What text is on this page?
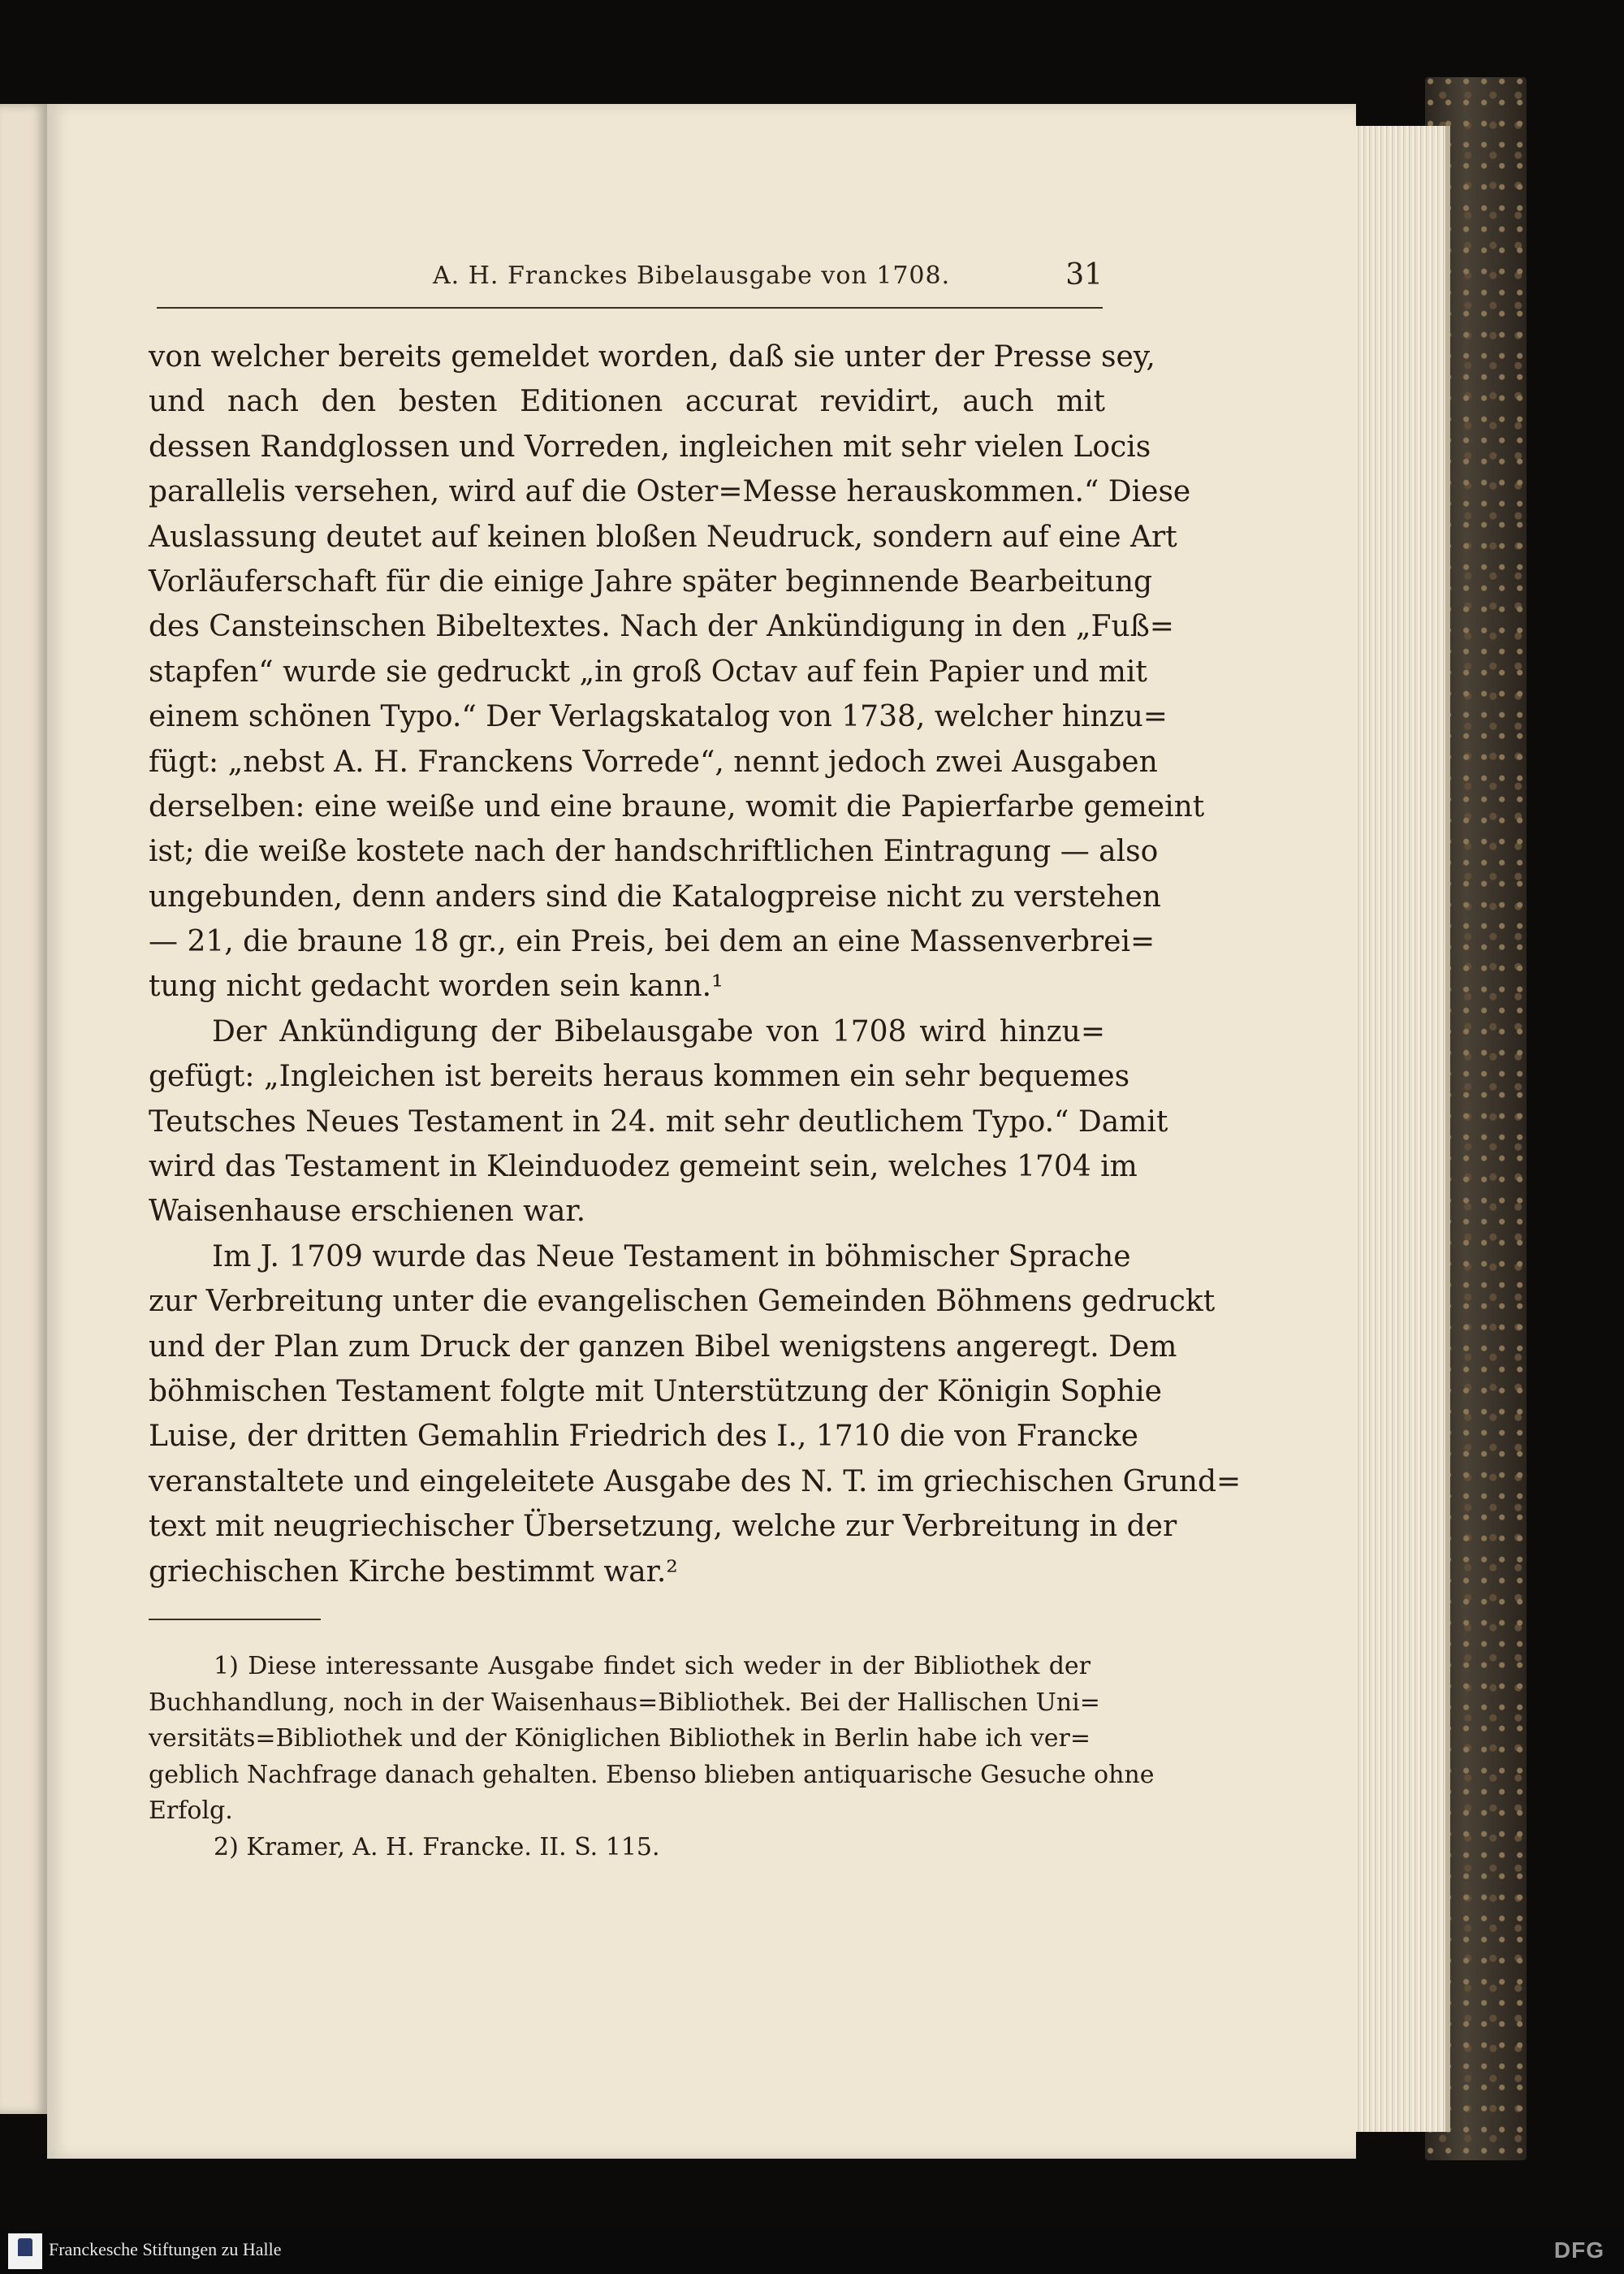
A. H. Franckes Bibelausgabe von 1708.	31
von welcher bereits gemeldet worden, daß sie unter der Presse sey,
und nach den besten Editionen accurat revidirt, auch mit
dessen Randglossen und Vorreden, ingleichen mit sehr vielen Locis
parallelis versehen, wird auf die Oster=Messe herauskommen.“ Diese
Auslassung deutet auf keinen bloßen Neudruck, sondern auf eine Art
Vorläuferschaft für die einige Jahre später beginnende Bearbeitung
des Cansteinschen Bibeltextes. Nach der Ankündigung in den „Fuß=
stapfen“ wurde sie gedruckt „in groß Octav auf fein Papier und mit
einem schönen Typo.“ Der Verlagskatalog von 1738, welcher hinzu=
fügt: „nebst A. H. Franckens Vorrede“, nennt jedoch zwei Ausgaben
derselben: eine weiße und eine braune, womit die Papierfarbe gemeint
ist; die weiße kostete nach der handschriftlichen Eintragung — also
ungebunden, denn anders sind die Katalogpreise nicht zu verstehen
— 21, die braune 18 gr., ein Preis, bei dem an eine Massenverbrei=
tung nicht gedacht worden sein kann.¹
Der Ankündigung der Bibelausgabe von 1708 wird hinzu=
gefügt: „Ingleichen ist bereits heraus kommen ein sehr bequemes
Teutsches Neues Testament in 24. mit sehr deutlichem Typo.“ Damit
wird das Testament in Kleinduodez gemeint sein, welches 1704 im
Waisenhause erschienen war.
Im J. 1709 wurde das Neue Testament in böhmischer Sprache
zur Verbreitung unter die evangelischen Gemeinden Böhmens gedruckt
und der Plan zum Druck der ganzen Bibel wenigstens angeregt. Dem
böhmischen Testament folgte mit Unterstützung der Königin Sophie
Luise, der dritten Gemahlin Friedrich des I., 1710 die von Francke
veranstaltete und eingeleitete Ausgabe des N. T. im griechischen Grund=
text mit neugriechischer Übersetzung, welche zur Verbreitung in der
griechischen Kirche bestimmt war.²
1) Diese interessante Ausgabe findet sich weder in der Bibliothek der
Buchhandlung, noch in der Waisenhaus=Bibliothek. Bei der Hallischen Uni=
versitäts=Bibliothek und der Königlichen Bibliothek in Berlin habe ich ver=
geblich Nachfrage danach gehalten. Ebenso blieben antiquarische Gesuche ohne
Erfolg.
2) Kramer, A. H. Francke. II. S. 115.
Franckesche Stiftungen zu Halle	DFG
